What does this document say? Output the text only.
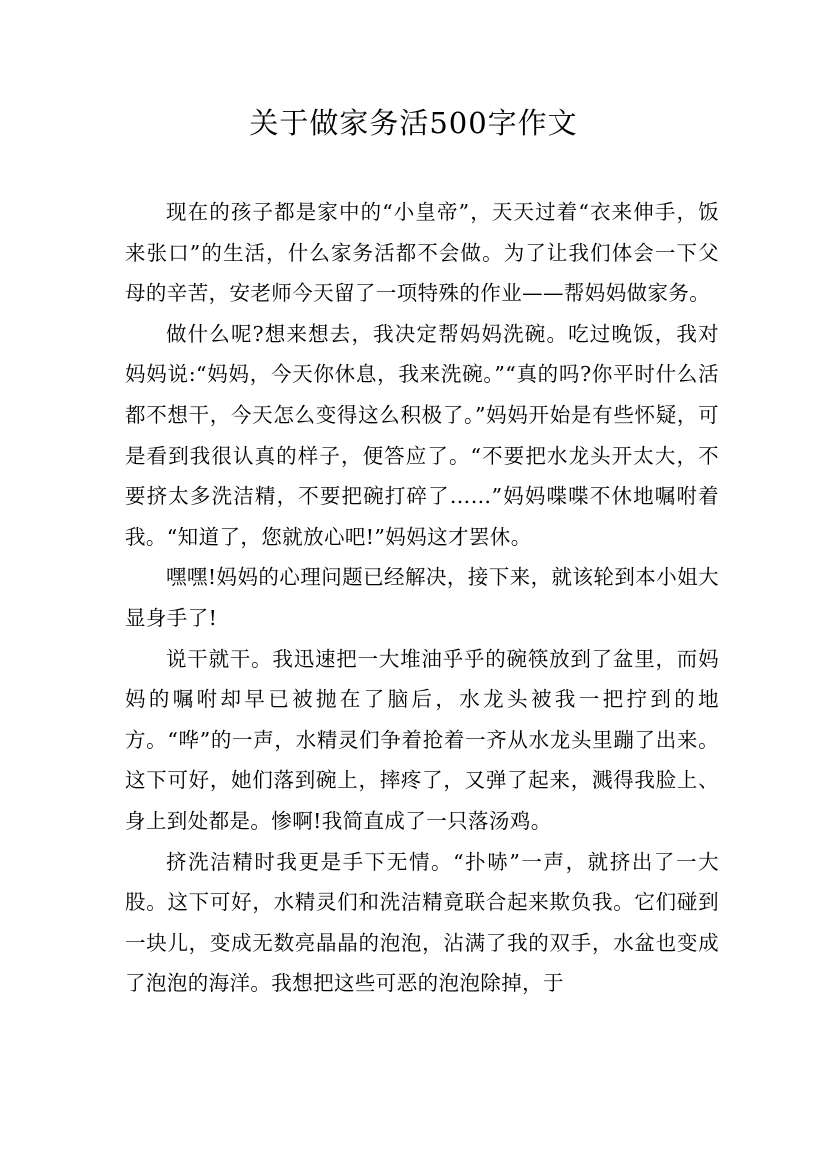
关于做家务活500字作文

现在的孩子都是家中的“小皇帝”，天天过着“衣来伸手，饭来张口”的生活，什么家务活都不会做。为了让我们体会一下父母的辛苦，安老师今天留了一项特殊的作业——帮妈妈做家务。

做什么呢?想来想去，我决定帮妈妈洗碗。吃过晚饭，我对妈妈说:“妈妈，今天你休息，我来洗碗。”“真的吗?你平时什么活都不想干，今天怎么变得这么积极了。”妈妈开始是有些怀疑，可是看到我很认真的样子，便答应了。“不要把水龙头开太大，不要挤太多洗洁精，不要把碗打碎了……”妈妈喋喋不休地嘱咐着我。“知道了，您就放心吧!”妈妈这才罢休。

嘿嘿!妈妈的心理问题已经解决，接下来，就该轮到本小姐大显身手了!

说干就干。我迅速把一大堆油乎乎的碗筷放到了盆里，而妈妈的嘱咐却早已被抛在了脑后，水龙头被我一把拧到的地方。“哗”的一声，水精灵们争着抢着一齐从水龙头里蹦了出来。这下可好，她们落到碗上，摔疼了，又弹了起来，溅得我脸上、身上到处都是。惨啊!我简直成了一只落汤鸡。

挤洗洁精时我更是手下无情。“扑哧”一声，就挤出了一大股。这下可好，水精灵们和洗洁精竟联合起来欺负我。它们碰到一块儿，变成无数亮晶晶的泡泡，沾满了我的双手，水盆也变成了泡泡的海洋。我想把这些可恶的泡泡除掉，于
